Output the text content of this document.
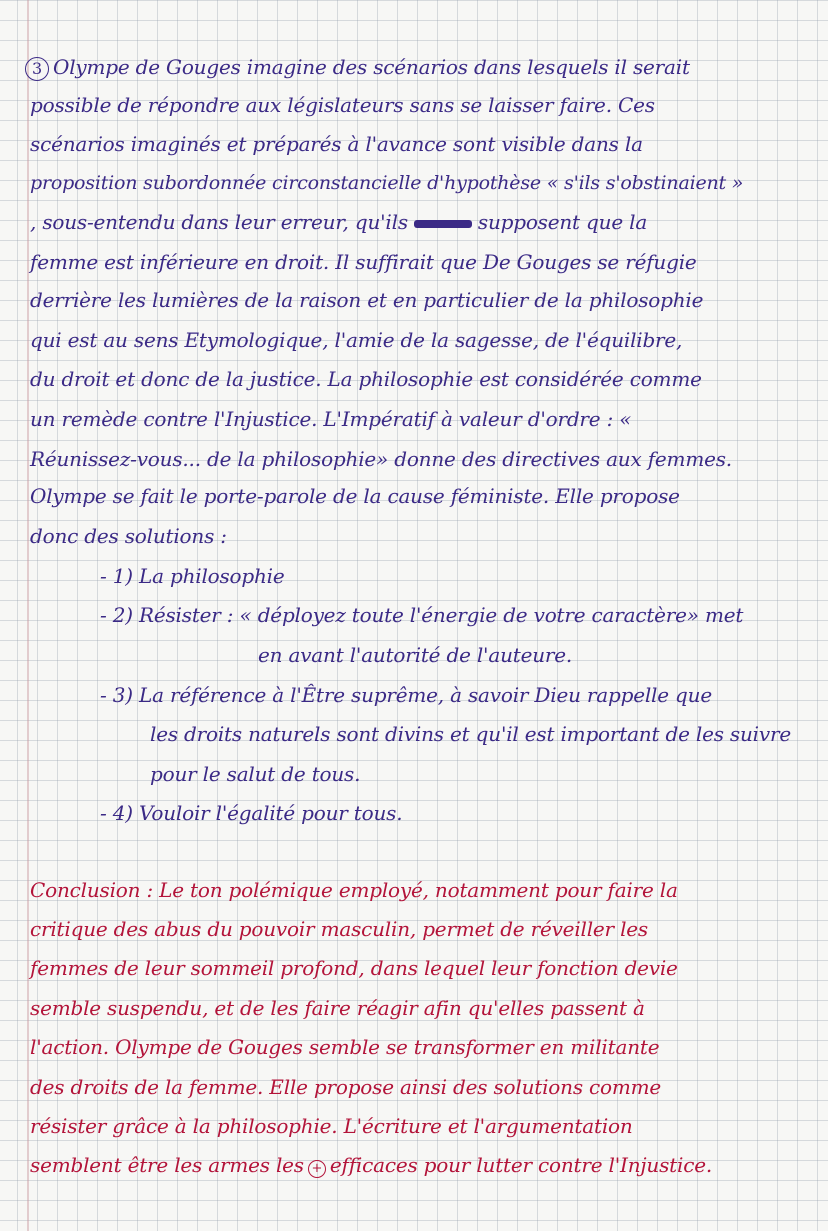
3 Olympe de Gouges imagine des scénarios dans lesquels il serait
possible de répondre aux législateurs sans se laisser faire. Ces
scénarios imaginés et préparés à l'avance sont visible dans la
proposition subordonnée circonstancielle d'hypothèse « s'ils s'obstinaient »
, sous-entendu dans leur erreur, qu'ils	supposent que la
femme est inférieure en droit. Il suffirait que De Gouges se réfugie
derrière les lumières de la raison et en particulier de la philosophie
qui est au sens Etymologique, l'amie de la sagesse, de l'équilibre,
du droit et donc de la justice. La philosophie est considérée comme
un remède contre l'Injustice. L'Impératif à valeur d'ordre : «
Réunissez-vous... de la philosophie» donne des directives aux femmes.
Olympe se fait le porte-parole de la cause féministe. Elle propose
donc des solutions :
- 1) La philosophie
- 2) Résister : « déployez toute l'énergie de votre caractère» met
en avant l'autorité de l'auteure.
- 3) La référence à l'Être suprême, à savoir Dieu rappelle que
les droits naturels sont divins et qu'il est important de les suivre
pour le salut de tous.
- 4) Vouloir l'égalité pour tous.
Conclusion : Le ton polémique employé, notamment pour faire la
critique des abus du pouvoir masculin, permet de réveiller les
femmes de leur sommeil profond, dans lequel leur fonction devie
semble suspendu, et de les faire réagir afin qu'elles passent à
l'action. Olympe de Gouges semble se transformer en militante
des droits de la femme. Elle propose ainsi des solutions comme
résister grâce à la philosophie. L'écriture et l'argumentation
semblent être les armes les + efficaces pour lutter contre l'Injustice.
